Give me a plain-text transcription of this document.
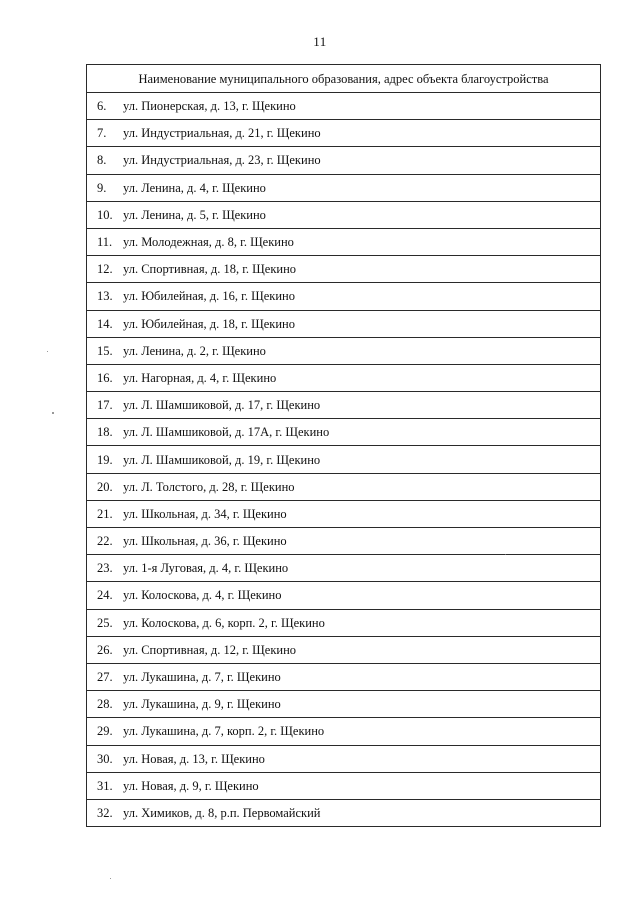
11
Наименование муниципального образования, адрес объекта благоустройства
6. ул. Пионерская, д. 13, г. Щекино
7. ул. Индустриальная, д. 21, г. Щекино
8. ул. Индустриальная, д. 23, г. Щекино
9. ул. Ленина, д. 4, г. Щекино
10. ул. Ленина, д. 5, г. Щекино
11. ул. Молодежная, д. 8, г. Щекино
12. ул. Спортивная, д. 18, г. Щекино
13. ул. Юбилейная, д. 16, г. Щекино
14. ул. Юбилейная, д. 18, г. Щекино
15. ул. Ленина, д. 2, г. Щекино
16. ул. Нагорная, д. 4, г. Щекино
17. ул. Л. Шамшиковой, д. 17, г. Щекино
18. ул. Л. Шамшиковой, д. 17А, г. Щекино
19. ул. Л. Шамшиковой, д. 19, г. Щекино
20. ул. Л. Толстого, д. 28, г. Щекино
21. ул. Школьная, д. 34, г. Щекино
22. ул. Школьная, д. 36, г. Щекино
23. ул. 1-я Луговая, д. 4, г. Щекино
24. ул. Колоскова, д. 4, г. Щекино
25. ул. Колоскова, д. 6, корп. 2, г. Щекино
26. ул. Спортивная, д. 12, г. Щекино
27. ул. Лукашина, д. 7, г. Щекино
28. ул. Лукашина, д. 9, г. Щекино
29. ул. Лукашина, д. 7, корп. 2, г. Щекино
30. ул. Новая, д. 13, г. Щекино
31. ул. Новая, д. 9, г. Щекино
32. ул. Химиков, д. 8, р.п. Первомайский
